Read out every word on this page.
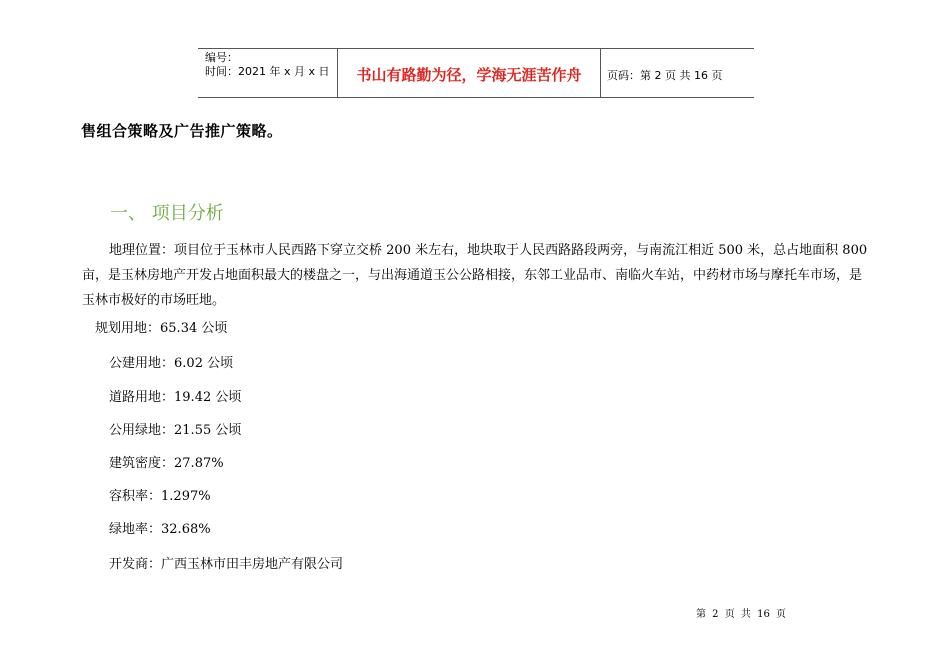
编号：
时间：2021 年 x 月 x 日	书山有路勤为径，学海无涯苦作舟	页码：第 2 页 共 16 页
售组合策略及广告推广策略。
一、 项目分析
地理位置：项目位于玉林市人民西路下穿立交桥 200 米左右，地块取于人民西路路段两旁，与南流江相近 500 米，总占地面积 800 亩，是玉林房地产开发占地面积最大的楼盘之一，与出海通道玉公公路相接，东邻工业品市、南临火车站，中药材市场与摩托车市场，是玉林市极好的市场旺地。
规划用地：65.34 公顷
公建用地：6.02 公顷
道路用地：19.42 公顷
公用绿地：21.55 公顷
建筑密度：27.87%
容积率：1.297%
绿地率：32.68%
开发商：广西玉林市田丰房地产有限公司
第 2 页 共 16 页
